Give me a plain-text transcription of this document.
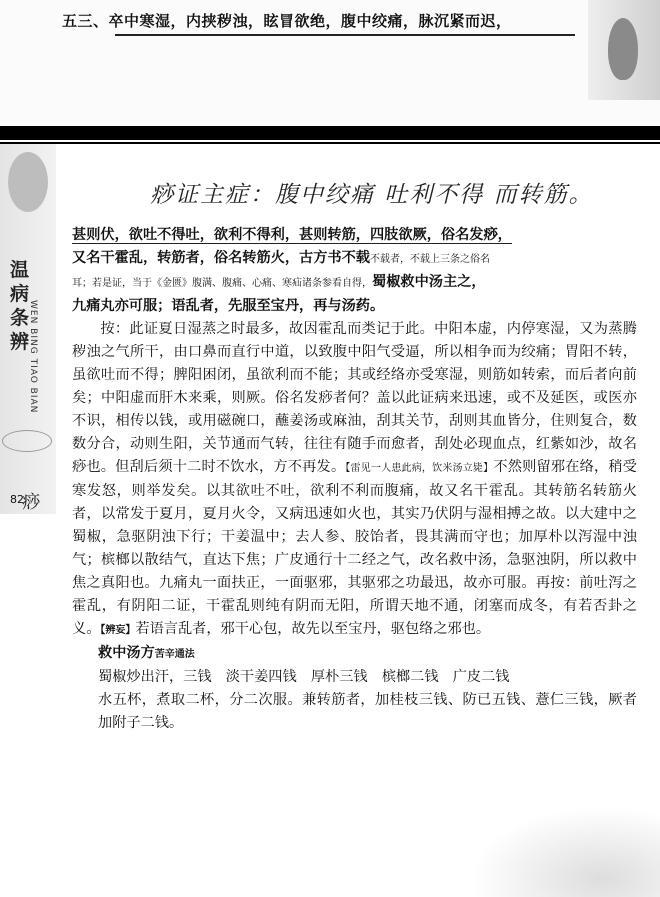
五三、卒中寒湿，内挟秽浊，眩冒欲绝，腹中绞痛，脉沉紧而迟，
温病条辨
WEN BING TIAO BIAN
82
痧
痧证主症：腹中绞痛 吐利不得 而转筋。

甚则伏，欲吐不得吐，欲利不得利，甚则转筋，四肢欲厥，俗名发痧，

又名干霍乱，转筋者，俗名转筋火，古方书不载不载者，不载上三条之俗名

耳；若是证，当于《金匮》腹满、腹痛、心痛、寒疝诸条参看自得，蜀椒救中汤主之，

九痛丸亦可服；语乱者，先服至宝丹，再与汤药。

按：此证夏日湿蒸之时最多，故因霍乱而类记于此。中阳本虚，内停寒湿，又为蒸腾秽浊之气所干，由口鼻而直行中道，以致腹中阳气受逼，所以相争而为绞痛；胃阳不转，虽欲吐而不得；脾阳困闭，虽欲利而不能；其或经络亦受寒湿，则筋如转索，而后者向前矣；中阳虚而肝木来乘，则厥。俗名发痧者何？盖以此证病来迅速，或不及延医，或医亦不识，相传以钱，或用磁碗口，蘸姜汤或麻油，刮其关节，刮则其血皆分，住则复合，数数分合，动则生阳，关节通而气转，往往有随手而愈者，刮处必现血点，红紫如沙，故名痧也。但刮后须十二时不饮水，方不再发。【雷见一人患此病，饮米汤立毙】不然则留邪在络，稍受寒发怒，则举发矣。以其欲吐不吐，欲利不利而腹痛，故又名干霍乱。其转筋名转筋火者，以常发于夏月，夏月火令，又病迅速如火也，其实乃伏阴与湿相搏之故。以大建中之蜀椒，急驱阴浊下行；干姜温中；去人参、胶饴者，畏其满而守也；加厚朴以泻湿中浊气；槟榔以散结气，直达下焦；广皮通行十二经之气，改名救中汤，急驱浊阴，所以救中焦之真阳也。九痛丸一面扶正，一面驱邪，其驱邪之功最迅，故亦可服。再按：前吐泻之霍乱，有阴阳二证，干霍乱则纯有阴而无阳，所谓天地不通，闭塞而成冬，有若否卦之义。【辨妄】若语言乱者，邪干心包，故先以至宝丹，驱包络之邪也。

救中汤方苦辛通法

蜀椒炒出汗，三钱　淡干姜四钱　厚朴三钱　槟榔二钱　广皮二钱

水五杯，煮取二杯，分二次服。兼转筋者，加桂枝三钱、防已五钱、薏仁三钱，厥者加附子二钱。
